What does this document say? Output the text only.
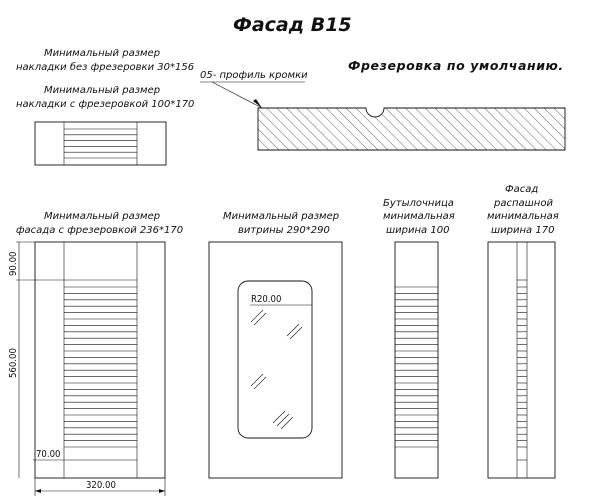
Фасад В15
Минимальный размер
накладки без фрезеровки 30*156
Минимальный размер
накладки с фрезеровкой 100*170
Фрезеровка по умолчанию.
05- профиль кромки
Минимальный размер
фасада с фрезеровкой 236*170
90.00
560.00
70.00
320.00
Минимальный размер
витрины 290*290
R20.00
Бутылочница
минимальная
ширина 100
Фасад
распашной
минимальная
ширина 170
